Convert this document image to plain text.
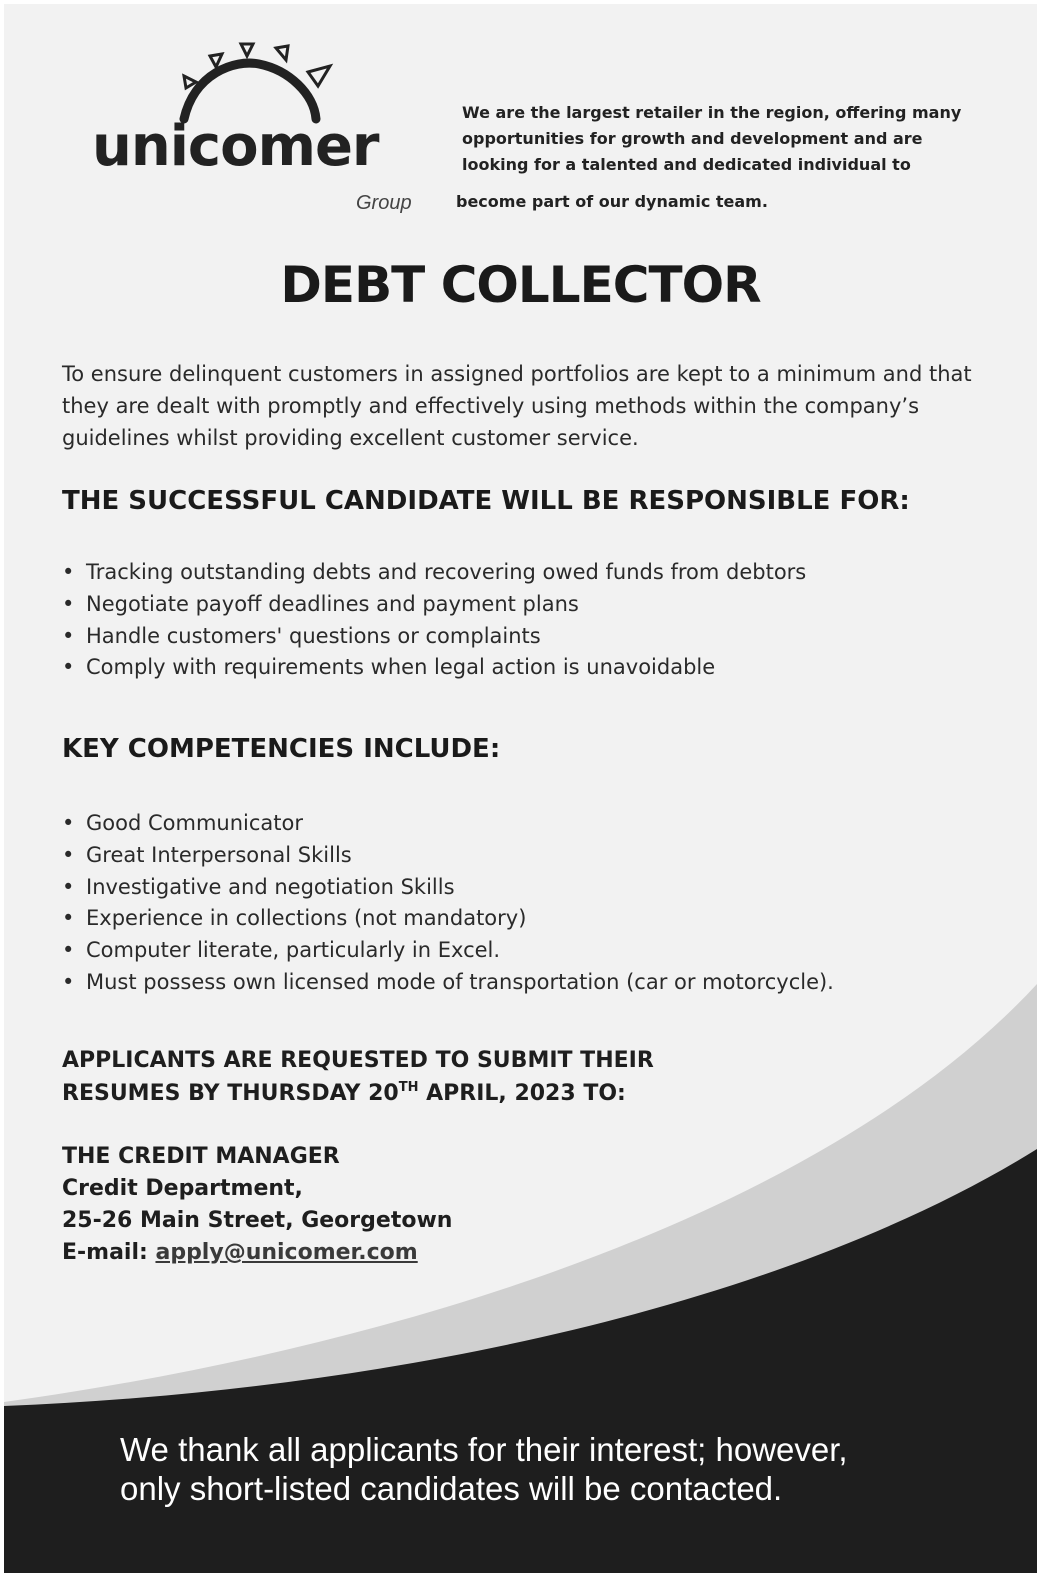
unicomer
Group
We are the largest retailer in the region, offering many
opportunities for growth and development and are
looking for a talented and dedicated individual to
become part of our dynamic team.
DEBT COLLECTOR
To ensure delinquent customers in assigned portfolios are kept to a minimum and that they are dealt with promptly and effectively using methods within the company’s guidelines whilst providing excellent customer service.
THE SUCCESSFUL CANDIDATE WILL BE RESPONSIBLE FOR:
• Tracking outstanding debts and recovering owed funds from debtors
• Negotiate payoff deadlines and payment plans
• Handle customers' questions or complaints
• Comply with requirements when legal action is unavoidable
KEY COMPETENCIES INCLUDE:
• Good Communicator
• Great Interpersonal Skills
• Investigative and negotiation Skills
• Experience in collections (not mandatory)
• Computer literate, particularly in Excel.
• Must possess own licensed mode of transportation (car or motorcycle).
APPLICANTS ARE REQUESTED TO SUBMIT THEIR
RESUMES BY THURSDAY 20TH APRIL, 2023 TO:
THE CREDIT MANAGER
Credit Department,
25-26 Main Street, Georgetown
E-mail: apply@unicomer.com
We thank all applicants for their interest; however,
only short-listed candidates will be contacted.
